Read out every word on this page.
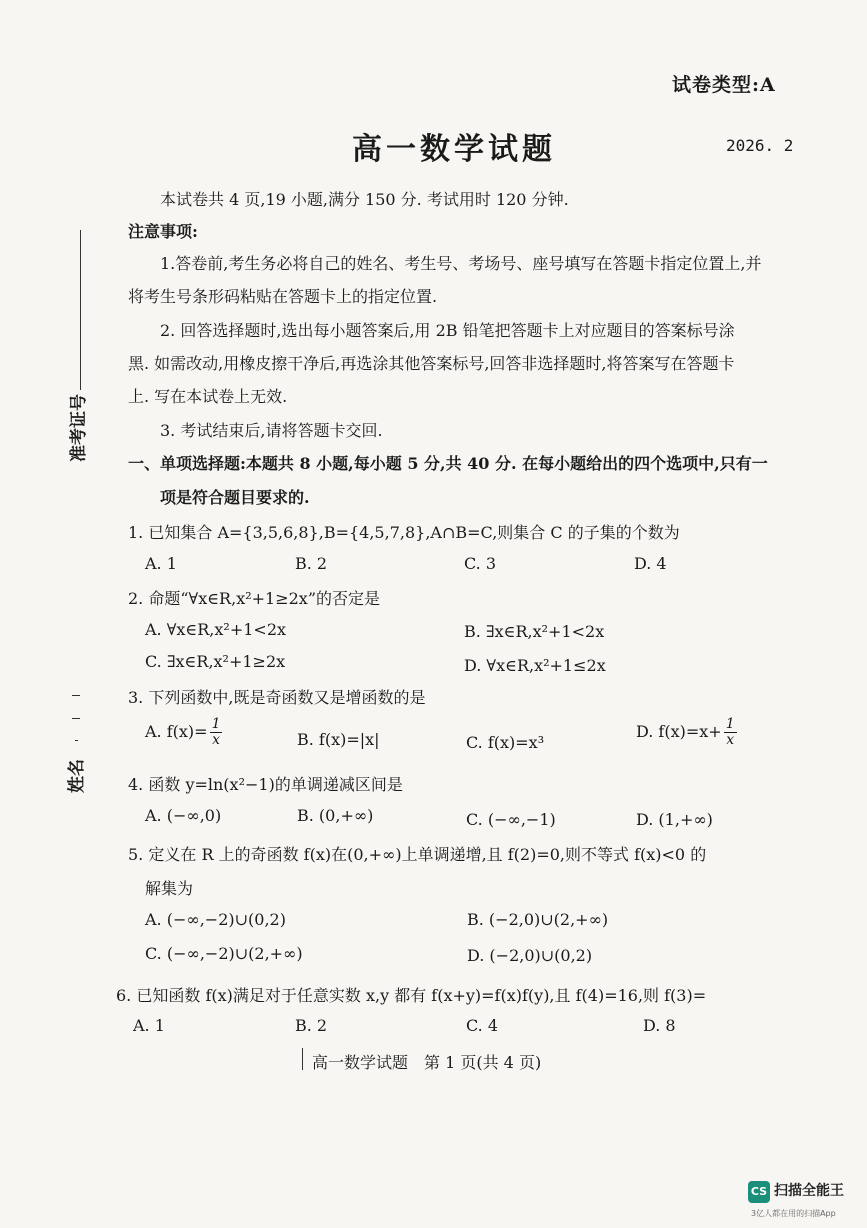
试卷类型:A
高一数学试题	2026. 2
准考证号
姓名
本试卷共 4 页,19 小题,满分 150 分. 考试用时 120 分钟.
注意事项:
1.答卷前,考生务必将自己的姓名、考生号、考场号、座号填写在答题卡指定位置上,并
将考生号条形码粘贴在答题卡上的指定位置.
2. 回答选择题时,选出每小题答案后,用 2B 铅笔把答题卡上对应题目的答案标号涂
黑. 如需改动,用橡皮擦干净后,再选涂其他答案标号,回答非选择题时,将答案写在答题卡
上. 写在本试卷上无效.
3. 考试结束后,请将答题卡交回.
一、单项选择题:本题共 8 小题,每小题 5 分,共 40 分. 在每小题给出的四个选项中,只有一
项是符合题目要求的.
1. 已知集合 A={3,5,6,8},B={4,5,7,8},A∩B=C,则集合 C 的子集的个数为
A. 1	B. 2	C. 3	D. 4
2. 命题“∀x∈R,x²+1≥2x”的否定是
A. ∀x∈R,x²+1<2x	B. ∃x∈R,x²+1<2x
C. ∃x∈R,x²+1≥2x	D. ∀x∈R,x²+1≤2x
3. 下列函数中,既是奇函数又是增函数的是
A. $f(x)= \frac{1}{x}$	B. f(x)=|x|	C. f(x)=x³
D. $f(x)=x+ \frac{1}{x}$
4. 函数 y=ln(x²−1)的单调递减区间是
A. (−∞,0)	B. (0,+∞)	C. (−∞,−1)	D. (1,+∞)
5. 定义在 R 上的奇函数 f(x)在(0,+∞)上单调递增,且 f(2)=0,则不等式 f(x)<0 的
解集为
A. (−∞,−2)∪(0,2)	B. (−2,0)∪(2,+∞)
C. (−∞,−2)∪(2,+∞)	D. (−2,0)∪(0,2)
6. 已知函数 f(x)满足对于任意实数 x,y 都有 f(x+y)=f(x)f(y),且 f(4)=16,则 f(3)=
A. 1	B. 2	C. 4	D. 8
高一数学试题　第 1 页(共 4 页)
CS 扫描全能王
3亿人都在用的扫描App
